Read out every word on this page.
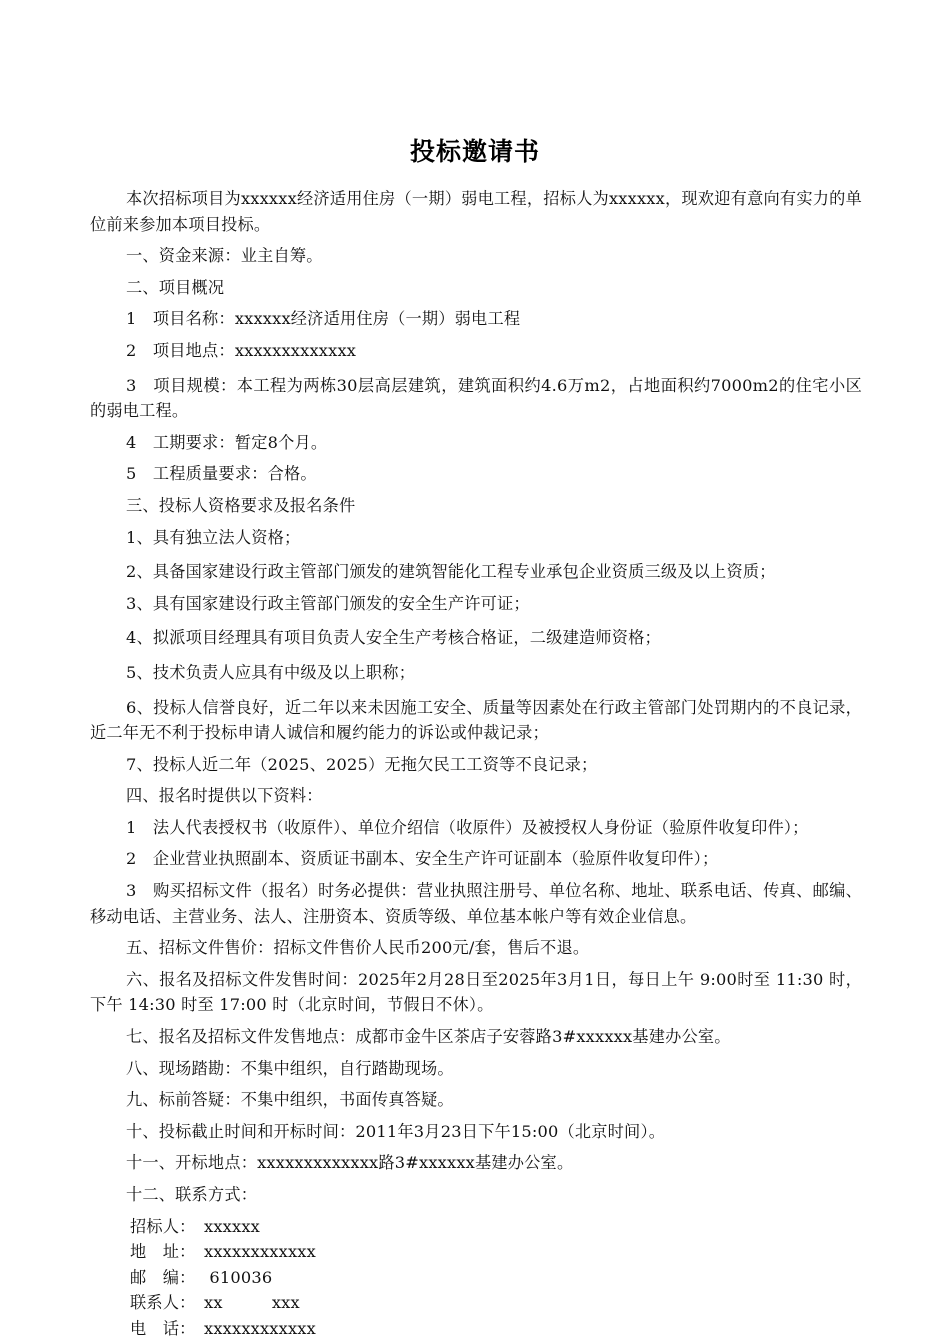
投标邀请书

本次招标项目为xxxxxx经济适用住房（一期）弱电工程，招标人为xxxxxx，现欢迎有意向有实力的单位前来参加本项目投标。

一、资金来源：业主自筹。

二、项目概况

1　项目名称：xxxxxx经济适用住房（一期）弱电工程

2　项目地点：xxxxxxxxxxxxx

3　项目规模：本工程为两栋30层高层建筑，建筑面积约4.6万m2，占地面积约7000m2的住宅小区的弱电工程。

4　工期要求：暂定8个月。

5　工程质量要求：合格。

三、投标人资格要求及报名条件

1、具有独立法人资格；

2、具备国家建设行政主管部门颁发的建筑智能化工程专业承包企业资质三级及以上资质；

3、具有国家建设行政主管部门颁发的安全生产许可证；

4、拟派项目经理具有项目负责人安全生产考核合格证，二级建造师资格；

5、技术负责人应具有中级及以上职称；

6、投标人信誉良好，近二年以来未因施工安全、质量等因素处在行政主管部门处罚期内的不良记录，近二年无不利于投标申请人诚信和履约能力的诉讼或仲裁记录；

7、投标人近二年（2025、2025）无拖欠民工工资等不良记录；

四、报名时提供以下资料：

1　法人代表授权书（收原件）、单位介绍信（收原件）及被授权人身份证（验原件收复印件）；

2　企业营业执照副本、资质证书副本、安全生产许可证副本（验原件收复印件）；

3　购买招标文件（报名）时务必提供：营业执照注册号、单位名称、地址、联系电话、传真、邮编、移动电话、主营业务、法人、注册资本、资质等级、单位基本帐户等有效企业信息。

五、招标文件售价：招标文件售价人民币200元/套，售后不退。

六、报名及招标文件发售时间：2025年2月28日至2025年3月1日，每日上午 9:00时至 11:30 时，下午 14:30 时至 17:00 时（北京时间，节假日不休）。

七、报名及招标文件发售地点：成都市金牛区茶店子安蓉路3#xxxxxx基建办公室。

八、现场踏勘：不集中组织，自行踏勘现场。

九、标前答疑：不集中组织，书面传真答疑。

十、投标截止时间和开标时间：2011年3月23日下午15:00（北京时间）。

十一、开标地点：xxxxxxxxxxxxx路3#xxxxxx基建办公室。

十二、联系方式：

招标人： xxxxxx

地　址： xxxxxxxxxxxx

邮　编： 610036

联系人： xx　　　xxx

电　话： xxxxxxxxxxxx
